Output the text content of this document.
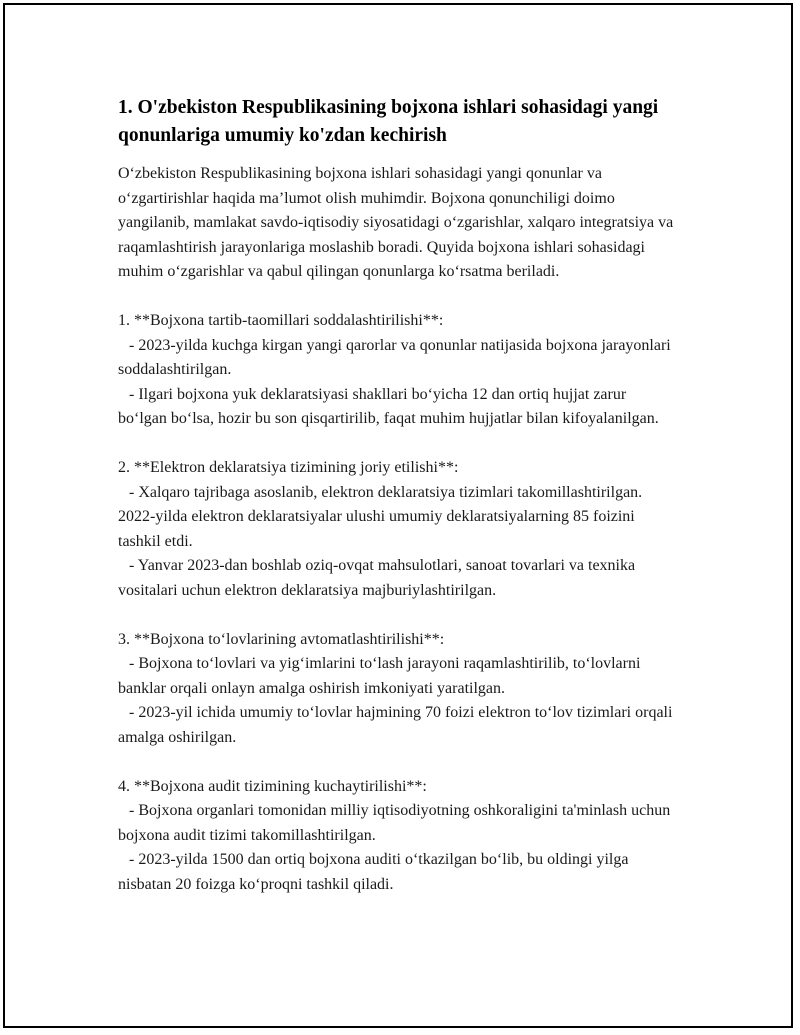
1. O'zbekiston Respublikasining bojxona ishlari sohasidagi yangi qonunlariga umumiy ko'zdan kechirish

O‘zbekiston Respublikasining bojxona ishlari sohasidagi yangi qonunlar va o‘zgartirishlar haqida ma’lumot olish muhimdir. Bojxona qonunchiligi doimo yangilanib, mamlakat savdo-iqtisodiy siyosatidagi o‘zgarishlar, xalqaro integratsiya va raqamlashtirish jarayonlariga moslashib boradi. Quyida bojxona ishlari sohasidagi muhim o‘zgarishlar va qabul qilingan qonunlarga ko‘rsatma beriladi.

1. **Bojxona tartib-taomillari soddalashtirilishi**:

- 2023-yilda kuchga kirgan yangi qarorlar va qonunlar natijasida bojxona jarayonlari soddalashtirilgan.

- Ilgari bojxona yuk deklaratsiyasi shakllari bo‘yicha 12 dan ortiq hujjat zarur bo‘lgan bo‘lsa, hozir bu son qisqartirilib, faqat muhim hujjatlar bilan kifoyalanilgan.

2. **Elektron deklaratsiya tizimining joriy etilishi**:

- Xalqaro tajribaga asoslanib, elektron deklaratsiya tizimlari takomillashtirilgan. 2022-yilda elektron deklaratsiyalar ulushi umumiy deklaratsiyalarning 85 foizini tashkil etdi.

- Yanvar 2023-dan boshlab oziq-ovqat mahsulotlari, sanoat tovarlari va texnika vositalari uchun elektron deklaratsiya majburiylashtirilgan.

3. **Bojxona to‘lovlarining avtomatlashtirilishi**:

- Bojxona to‘lovlari va yig‘imlarini to‘lash jarayoni raqamlashtirilib, to‘lovlarni banklar orqali onlayn amalga oshirish imkoniyati yaratilgan.

- 2023-yil ichida umumiy to‘lovlar hajmining 70 foizi elektron to‘lov tizimlari orqali amalga oshirilgan.

4. **Bojxona audit tizimining kuchaytirilishi**:

- Bojxona organlari tomonidan milliy iqtisodiyotning oshkoraligini ta'minlash uchun bojxona audit tizimi takomillashtirilgan.

- 2023-yilda 1500 dan ortiq bojxona auditi o‘tkazilgan bo‘lib, bu oldingi yilga nisbatan 20 foizga ko‘proqni tashkil qiladi.
